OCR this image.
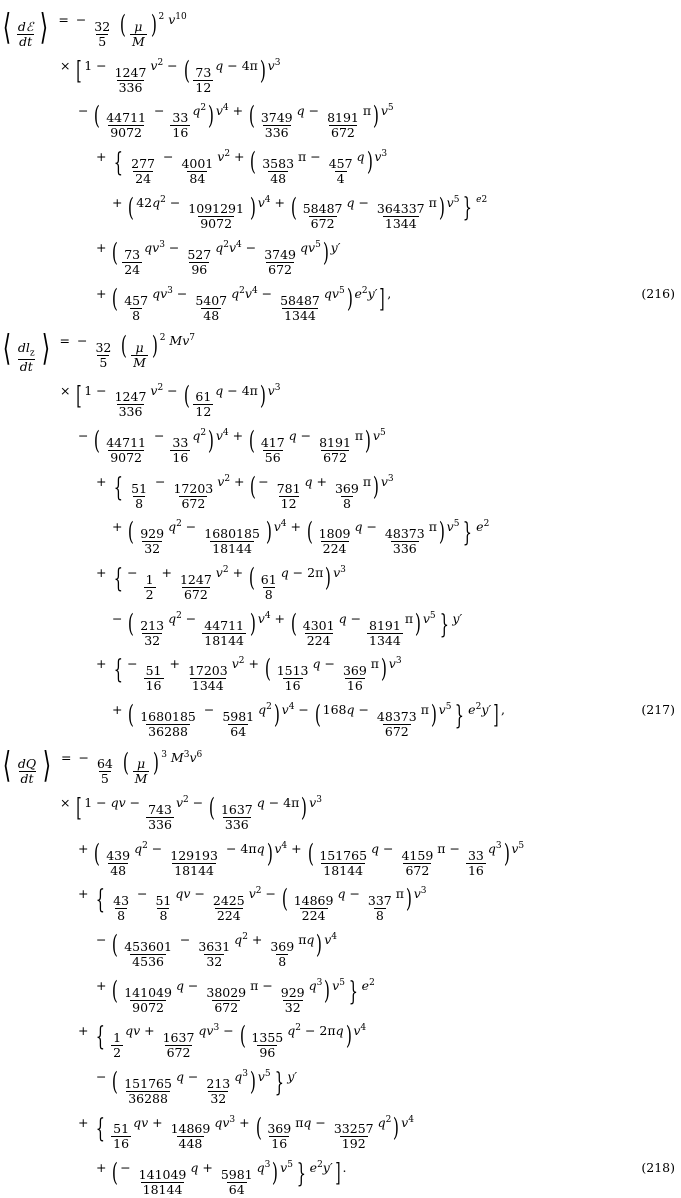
⟨ $\frac{\text{dℰ}}{dt}$ ⟩ = −
$\frac{32}{5}$ ( $\frac{\mu}{M}$ ) $^2$ $v^{10}$
× [ 1 −
$\frac{1247}{336}$
$v^2$ − ( $\frac{73}{12}$
q − 4π) $v^3$
− ( $\frac{44711}{9072}$
−
$\frac{33}{16}$
$q^2$) $v^4$ + ( $\frac{3749}{336}$
q −
$\frac{8191}{672}$
π) $v^5$
+ { $\frac{277}{24}$
−
$\frac{4001}{84}$
$v^2$ + ( $\frac{3583}{48}$
π −
$\frac{457}{4}$
q) $v^3$
+ ( $42q^2$ −
$\frac{1091291}{9072}$ ) $v^4$ + ( $\frac{58487}{672}$
q −
$\frac{364337}{1344}$
π) $v^5$ } $^{e2}$
+ ( $\frac{73}{24}$
$qv^3$ −
$\frac{527}{96}$
$q^2v^4$ −
$\frac{3749}{672}$
$qv^5$) y′
+ ( $\frac{457}{8}$
$qv^3$ −
$\frac{5407}{48}$
$q^2v^4$ −
$\frac{58487}{1344}$
$qv^5$) $e^2y'$] ,	(216)
⟨ $\frac{dl_z}{dt}$ ⟩ = −
$\frac{32}{5}$ ( $\frac{\mu}{M}$ ) $^2$ $Mv^7$
× [ 1 −
$\frac{1247}{336}$
$v^2$ − ( $\frac{61}{12}$
q − 4π) $v^3$
− ( $\frac{44711}{9072}$
−
$\frac{33}{16}$
$q^2$) $v^4$ + ( $\frac{417}{56}$
q −
$\frac{8191}{672}$
π) $v^5$
+ { $\frac{51}{8}$
−
$\frac{17203}{672}$
$v^2$ + ( −
$\frac{781}{12}$
q +
$\frac{369}{8}$
π) $v^3$
+ ( $\frac{929}{32}$
$q^2$ −
$\frac{1680185}{18144}$ ) $v^4$ + ( $\frac{1809}{224}$
q −
$\frac{48373}{336}$
π) $v^5$ } $e^2$
+ { −
$\frac{1}{2}$
+
$\frac{1247}{672}$
$v^2$ + ( $\frac{61}{8}$
q − 2π) $v^3$
− ( $\frac{213}{32}$
$q^2$ −
$\frac{44711}{18144}$ ) $v^4$ + ( $\frac{4301}{224}$
q −
$\frac{8191}{1344}$
π) $v^5$ } y′
+ { −
$\frac{51}{16}$
+
$\frac{17203}{1344}$
$v^2$ + ( $\frac{1513}{16}$
q −
$\frac{369}{16}$
π) $v^3$
+ ( $\frac{1680185}{36288}$
−
$\frac{5981}{64}$
$q^2$) $v^4$ − ( 168q −
$\frac{48373}{672}$
π) $v^5$ } $e^2y'$] ,	(217)
⟨ $\frac{dQ}{dt}$ ⟩ = −
$\frac{64}{5}$ ( $\frac{\mu}{M}$ ) $^3$ $M^3v^6$
× [ 1 − qv −
$\frac{743}{336}$
$v^2$ − ( $\frac{1637}{336}$
q − 4π) $v^3$
+ ( $\frac{439}{48}$
$q^2$ −
$\frac{129193}{18144}$
− 4πq) $v^4$ + ( $\frac{151765}{18144}$
q −
$\frac{4159}{672}$
π −
$\frac{33}{16}$
$q^3$) $v^5$
+ { $\frac{43}{8}$
−
$\frac{51}{8}$
qv −
$\frac{2425}{224}$
$v^2$ − ( $\frac{14869}{224}$
q −
$\frac{337}{8}$
π) $v^3$
− ( $\frac{453601}{4536}$
−
$\frac{3631}{32}$
$q^2$ +
$\frac{369}{8}$
πq) $v^4$
+ ( $\frac{141049}{9072}$
q −
$\frac{38029}{672}$
π −
$\frac{929}{32}$
$q^3$) $v^5$ } $e^2$
+ { $\frac{1}{2}$
qv +
$\frac{1637}{672}$
$qv^3$ − ( $\frac{1355}{96}$
$q^2 - 2\pi q$) $v^4$
− ( $\frac{151765}{36288}$
q −
$\frac{213}{32}$
$q^3$) $v^5$ } y′
+ { $\frac{51}{16}$
qv +
$\frac{14869}{448}$
$qv^3$ + ( $\frac{369}{16}$
πq −
$\frac{33257}{192}$
$q^2$) $v^4$
+ ( −
$\frac{141049}{18144}$
q +
$\frac{5981}{64}$
$q^3$) $v^5$ } $e^2y'$] .	(218)
